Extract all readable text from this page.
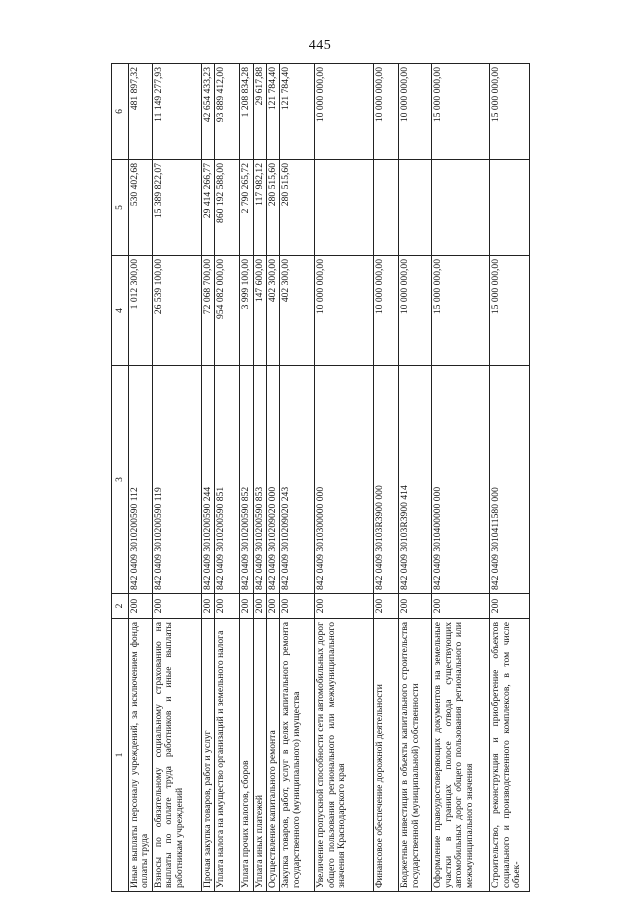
445
1	2	3	4	5	6
Иные выплаты персоналу учреждений, за исключением фонда оплаты труда	200	842 0409 3010200590 112	1 012 300,00	530 402,68	481 897,32
Взносы по обязательному социальному страхованию на выплаты по оплате труда работников и иные выплаты работникам учреждений	200	842 0409 3010200590 119	26 539 100,00	15 389 822,07	11 149 277,93
Прочая закупка товаров, работ и услуг	200	842 0409 3010200590 244	72 068 700,00	29 414 266,77	42 654 433,23
Уплата налога на имущество организаций и земельного налога	200	842 0409 3010200590 851	954 082 000,00	860 192 588,00	93 889 412,00
Уплата прочих налогов, сборов	200	842 0409 3010200590 852	3 999 100,00	2 790 265,72	1 208 834,28
Уплата иных платежей	200	842 0409 3010200590 853	147 600,00	117 982,12	29 617,88
Осуществление капитального ремонта	200	842 0409 3010209020 000	402 300,00	280 515,60	121 784,40
Закупка товаров, работ, услуг в целях капитального ремонта государственного (муниципального) имущества	200	842 0409 3010209020 243	402 300,00	280 515,60	121 784,40
Увеличение пропускной способности сети автомобильных дорог общего пользования регионального или межмуниципального значения Краснодарского края	200	842 0409 3010300000 000	10 000 000,00		10 000 000,00
Финансовое обеспечение дорожной деятельности	200	842 0409 30103R3900 000	10 000 000,00		10 000 000,00
Бюджетные инвестиции в объекты капитального строительства государственной (муниципальной) собственности	200	842 0409 30103R3900 414	10 000 000,00		10 000 000,00
Оформление правоудостоверяющих документов на земельные участки в границах полосе отвода существующих автомобильных дорог общего пользования регионального или межмуниципального значения	200	842 0409 3010400000 000	15 000 000,00		15 000 000,00
Строительство, реконструкция и приобретение объектов социального и производственного комплексов, в том числе объек-	200	842 0409 3010411580 000	15 000 000,00		15 000 000,00
